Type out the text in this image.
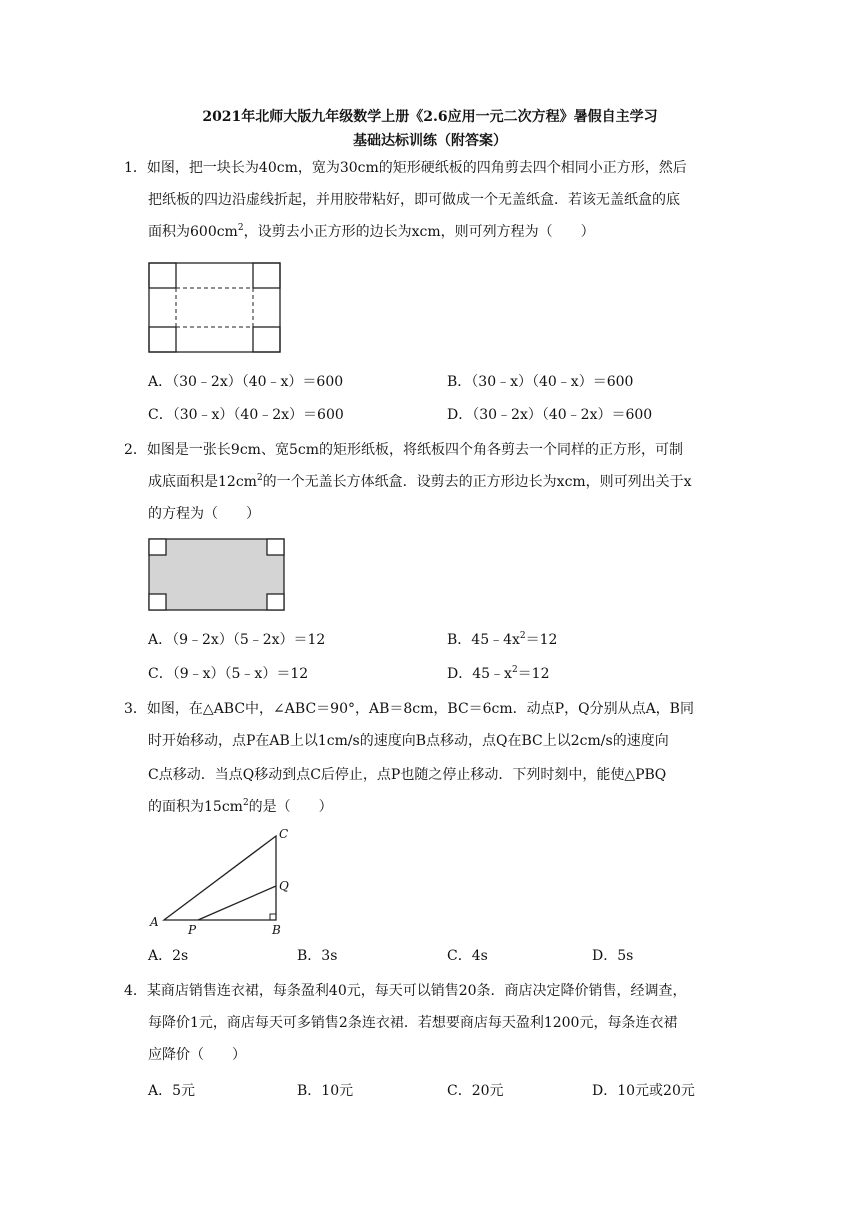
2021年北师大版九年级数学上册《2.6应用一元二次方程》暑假自主学习
基础达标训练（附答案）
1．如图，把一块长为40cm，宽为30cm的矩形硬纸板的四角剪去四个相同小正方形，然后
把纸板的四边沿虚线折起，并用胶带粘好，即可做成一个无盖纸盒．若该无盖纸盒的底
面积为$600cm^2$，设剪去小正方形的边长为xcm，则可列方程为（　　）
A．（30﹣2x）（40﹣x）＝600	B．（30﹣x）（40﹣x）＝600
C．（30﹣x）（40﹣2x）＝600	D．（30﹣2x）（40﹣2x）＝600
2．如图是一张长9cm、宽5cm的矩形纸板，将纸板四个角各剪去一个同样的正方形，可制
成底面积是$12cm^2$的一个无盖长方体纸盒．设剪去的正方形边长为xcm，则可列出关于x
的方程为（　　）
A．（9﹣2x）（5﹣2x）＝12	B．$45﹣4x^2=12$
C．（9﹣x）（5﹣x）＝12	D．$45﹣x^2=12$
3．如图，在△ABC中，∠ABC＝90°，AB＝8cm，BC＝6cm．动点P，Q分别从点A，B同
时开始移动，点P在AB上以1cm/s的速度向B点移动，点Q在BC上以2cm/s的速度向
C点移动．当点Q移动到点C后停止，点P也随之停止移动．下列时刻中，能使△PBQ
的面积为$15cm^2$的是（　　）
A
P	B
C
Q
A．2s	B．3s	C．4s	D．5s
4．某商店销售连衣裙，每条盈利40元，每天可以销售20条．商店决定降价销售，经调查，
每降价1元，商店每天可多销售2条连衣裙．若想要商店每天盈利1200元，每条连衣裙
应降价（　　）
A．5元	B．10元	C．20元	D．10元或20元
